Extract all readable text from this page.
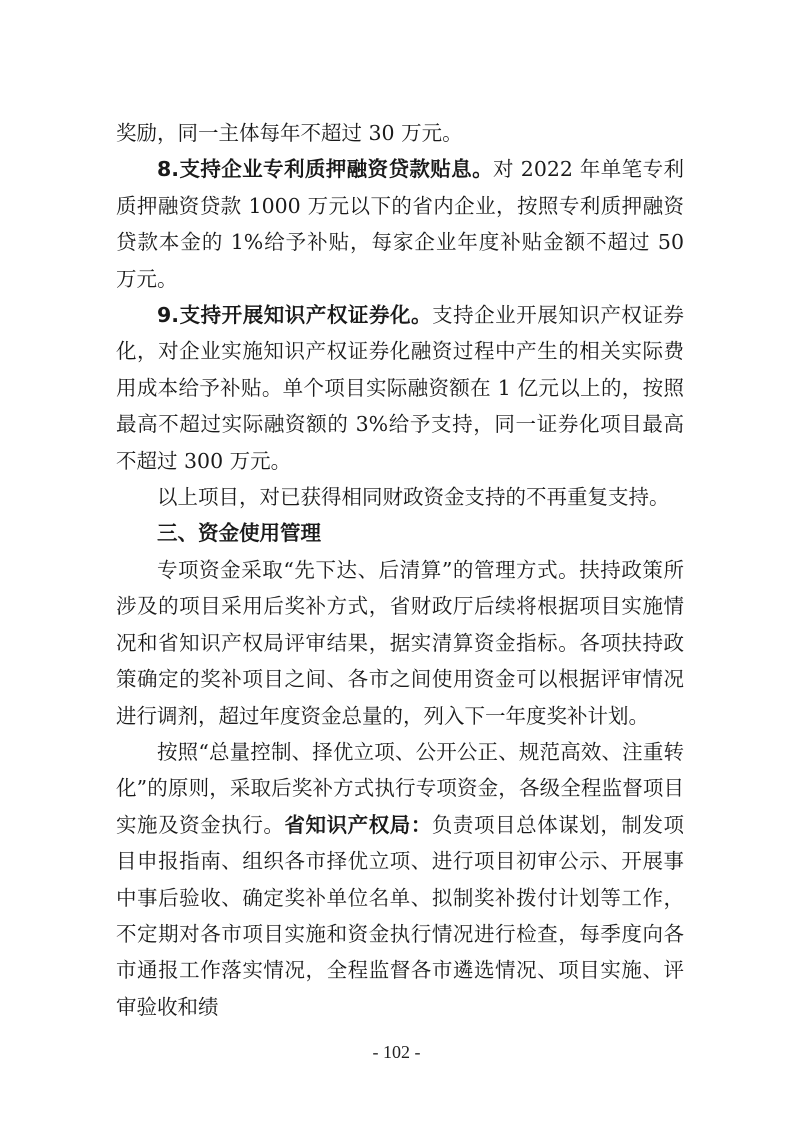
奖励，同一主体每年不超过 30 万元。

8.支持企业专利质押融资贷款贴息。对 2022 年单笔专利质押融资贷款 1000 万元以下的省内企业，按照专利质押融资贷款本金的 1%给予补贴，每家企业年度补贴金额不超过 50 万元。

9.支持开展知识产权证券化。支持企业开展知识产权证券化，对企业实施知识产权证券化融资过程中产生的相关实际费用成本给予补贴。单个项目实际融资额在 1 亿元以上的，按照最高不超过实际融资额的 3%给予支持，同一证券化项目最高不超过 300 万元。

以上项目，对已获得相同财政资金支持的不再重复支持。

三、资金使用管理

专项资金采取“先下达、后清算”的管理方式。扶持政策所涉及的项目采用后奖补方式，省财政厅后续将根据项目实施情况和省知识产权局评审结果，据实清算资金指标。各项扶持政策确定的奖补项目之间、各市之间使用资金可以根据评审情况进行调剂，超过年度资金总量的，列入下一年度奖补计划。

按照“总量控制、择优立项、公开公正、规范高效、注重转化”的原则，采取后奖补方式执行专项资金，各级全程监督项目实施及资金执行。省知识产权局：负责项目总体谋划，制发项目申报指南、组织各市择优立项、进行项目初审公示、开展事中事后验收、确定奖补单位名单、拟制奖补拨付计划等工作，不定期对各市项目实施和资金执行情况进行检查，每季度向各市通报工作落实情况，全程监督各市遴选情况、项目实施、评审验收和绩

- 102 -
